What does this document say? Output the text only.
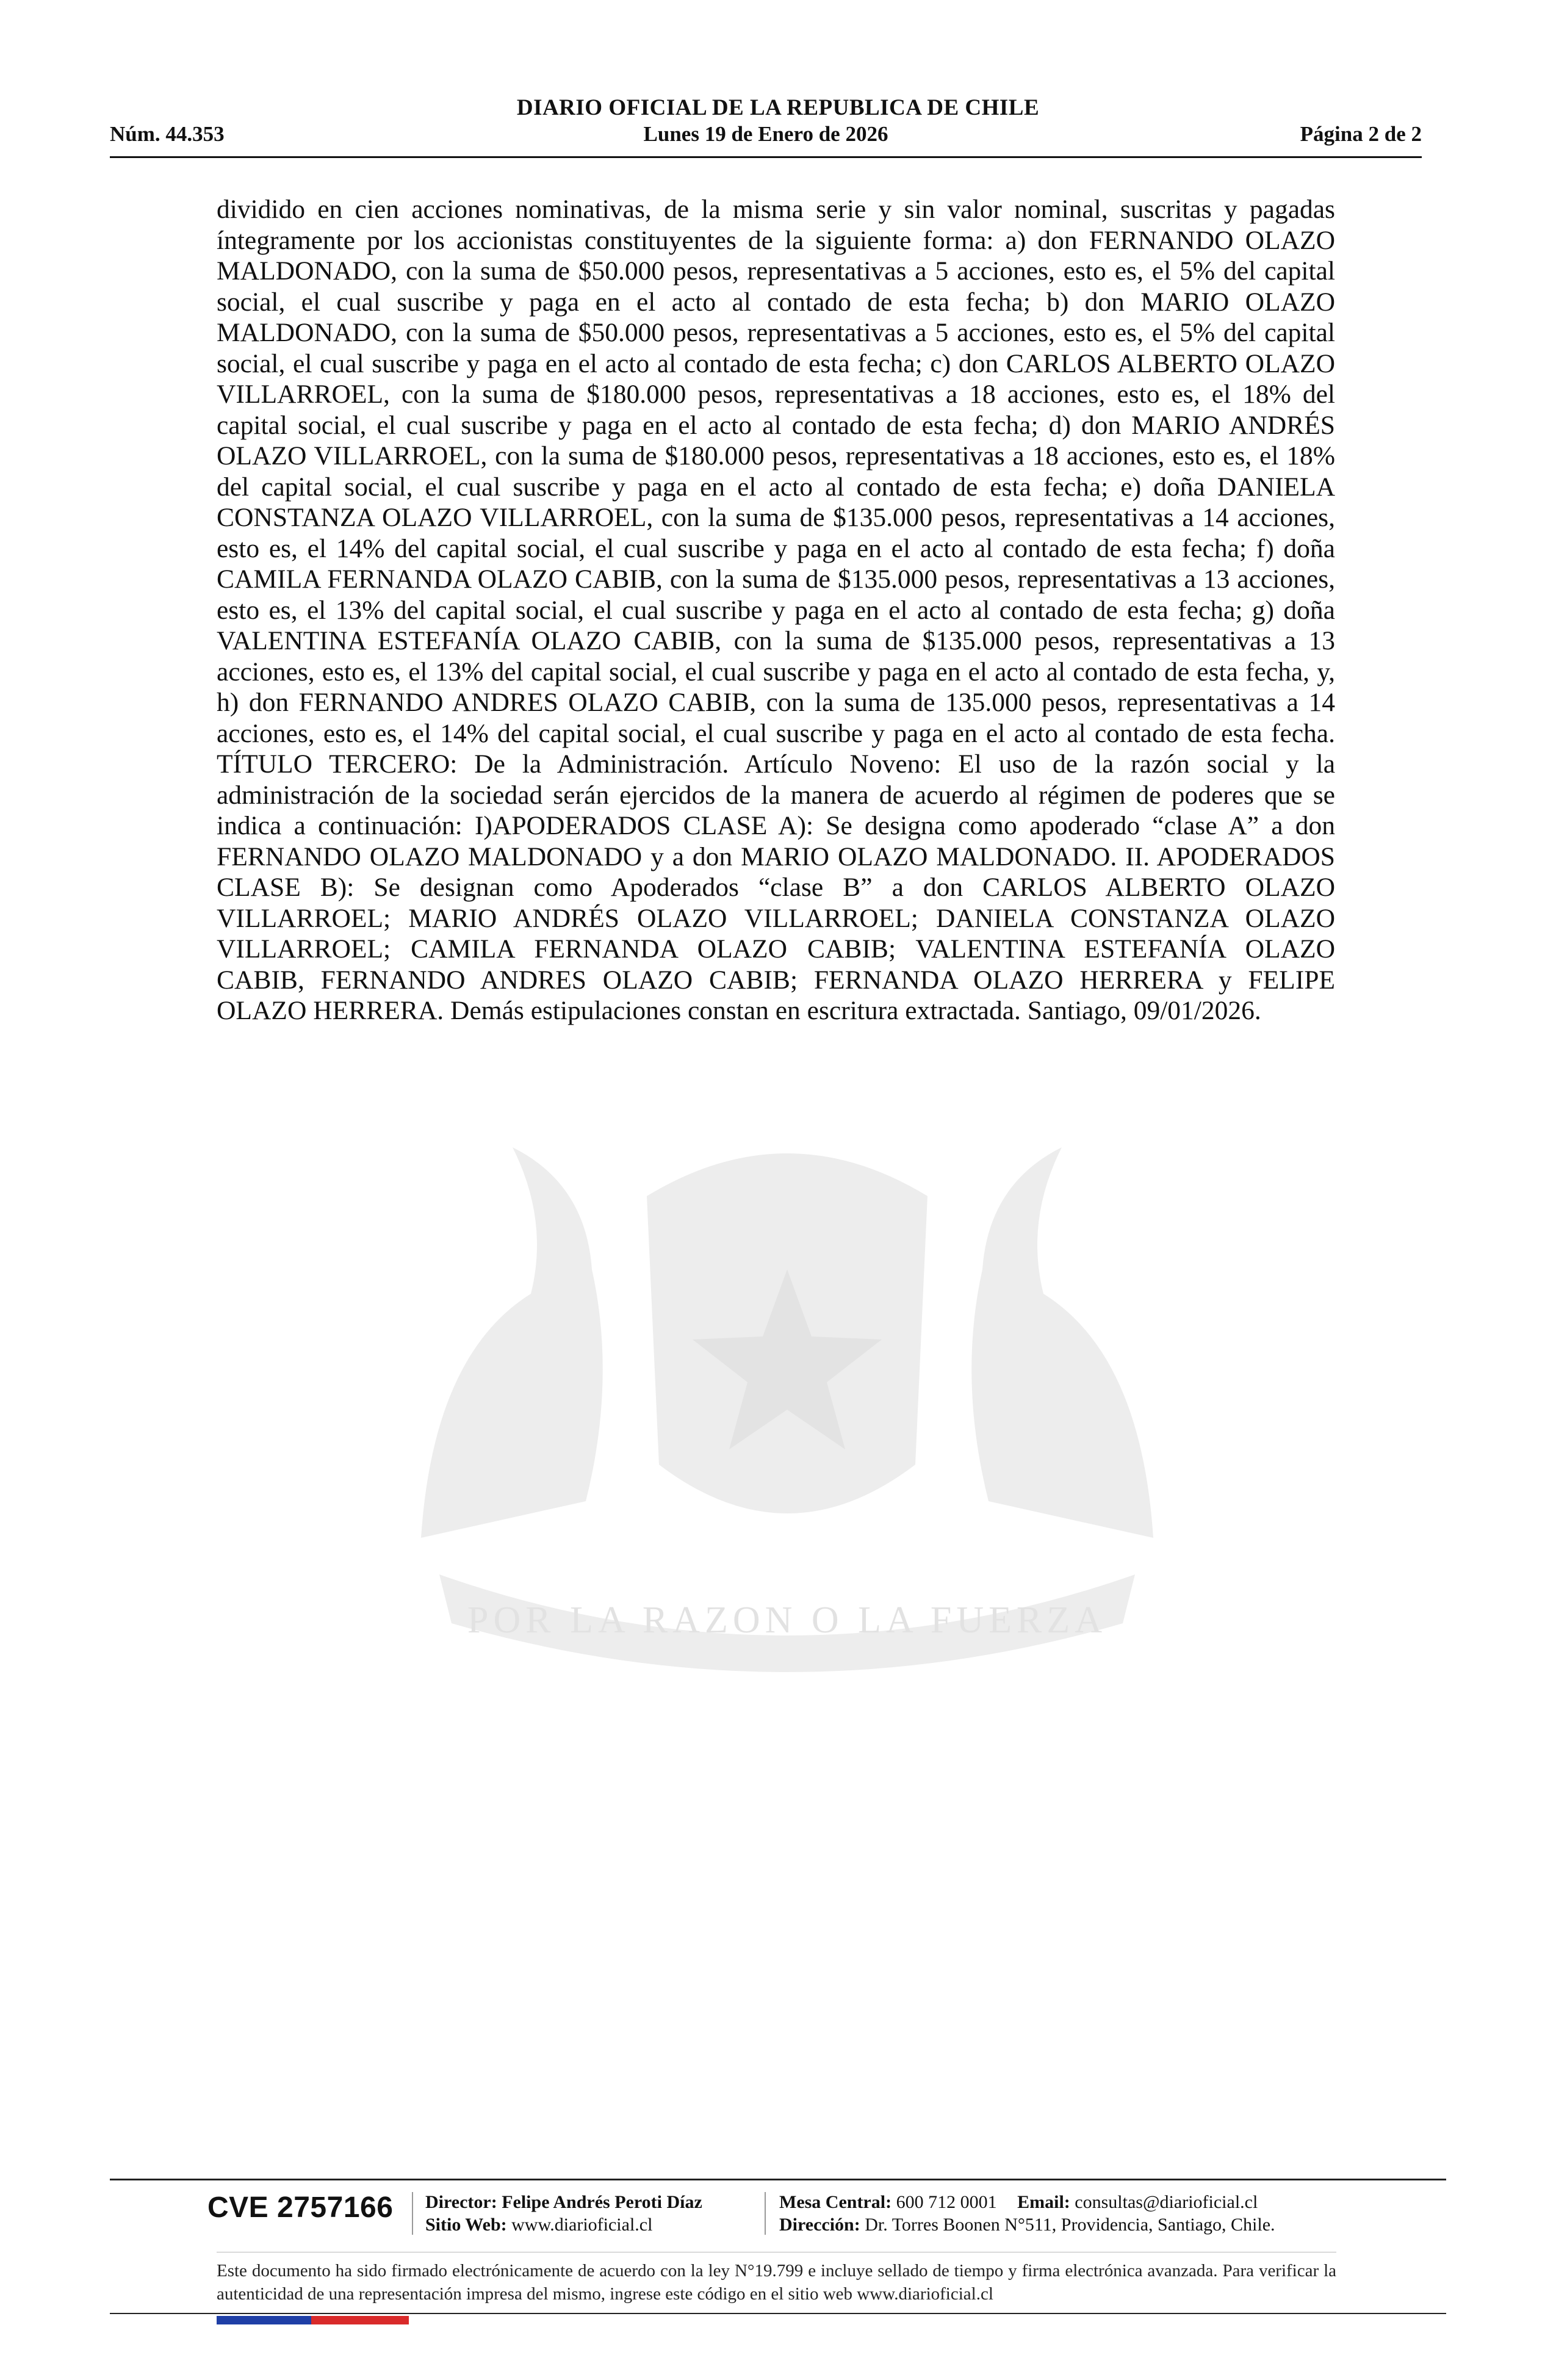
DIARIO OFICIAL DE LA REPUBLICA DE CHILE
Núm. 44.353	Lunes 19 de Enero de 2026	Página 2 de 2
POR LA RAZON O LA FUERZA
dividido en cien acciones nominativas, de la misma serie y sin valor nominal, suscritas y pagadas íntegramente por los accionistas constituyentes de la siguiente forma: a) don FERNANDO OLAZO MALDONADO, con la suma de $50.000 pesos, representativas a 5 acciones, esto es, el 5% del capital social, el cual suscribe y paga en el acto al contado de esta fecha; b) don MARIO OLAZO MALDONADO, con la suma de $50.000 pesos, representativas a 5 acciones, esto es, el 5% del capital social, el cual suscribe y paga en el acto al contado de esta fecha; c) don CARLOS ALBERTO OLAZO VILLARROEL, con la suma de $180.000 pesos, representativas a 18 acciones, esto es, el 18% del capital social, el cual suscribe y paga en el acto al contado de esta fecha; d) don MARIO ANDRÉS OLAZO VILLARROEL, con la suma de $180.000 pesos, representativas a 18 acciones, esto es, el 18% del capital social, el cual suscribe y paga en el acto al contado de esta fecha; e) doña DANIELA CONSTANZA OLAZO VILLARROEL, con la suma de $135.000 pesos, representativas a 14 acciones, esto es, el 14% del capital social, el cual suscribe y paga en el acto al contado de esta fecha; f) doña CAMILA FERNANDA OLAZO CABIB, con la suma de $135.000 pesos, representativas a 13 acciones, esto es, el 13% del capital social, el cual suscribe y paga en el acto al contado de esta fecha; g) doña VALENTINA ESTEFANÍA OLAZO CABIB, con la suma de $135.000 pesos, representativas a 13 acciones, esto es, el 13% del capital social, el cual suscribe y paga en el acto al contado de esta fecha, y, h) don FERNANDO ANDRES OLAZO CABIB, con la suma de 135.000 pesos, representativas a 14 acciones, esto es, el 14% del capital social, el cual suscribe y paga en el acto al contado de esta fecha. TÍTULO TERCERO: De la Administración. Artículo Noveno: El uso de la razón social y la administración de la sociedad serán ejercidos de la manera de acuerdo al régimen de poderes que se indica a continuación: I)APODERADOS CLASE A): Se designa como apoderado “clase A” a don FERNANDO OLAZO MALDONADO y a don MARIO OLAZO MALDONADO. II. APODERADOS CLASE B): Se designan como Apoderados “clase B” a don CARLOS ALBERTO OLAZO VILLARROEL; MARIO ANDRÉS OLAZO VILLARROEL; DANIELA CONSTANZA OLAZO VILLARROEL; CAMILA FERNANDA OLAZO CABIB; VALENTINA ESTEFANÍA OLAZO CABIB, FERNANDO ANDRES OLAZO CABIB; FERNANDA OLAZO HERRERA y FELIPE OLAZO HERRERA. Demás estipulaciones constan en escritura extractada. Santiago, 09/01/2026.
CVE 2757166 Director: Felipe Andrés Peroti Díaz
Sitio Web: www.diarioficial.cl
Mesa Central: 600 712 0001 Email: consultas@diarioficial.cl
Dirección: Dr. Torres Boonen N°511, Providencia, Santiago, Chile.
Este documento ha sido firmado electrónicamente de acuerdo con la ley N°19.799 e incluye sellado de tiempo y firma electrónica avanzada. Para verificar la autenticidad de una representación impresa del mismo, ingrese este código en el sitio web www.diarioficial.cl
